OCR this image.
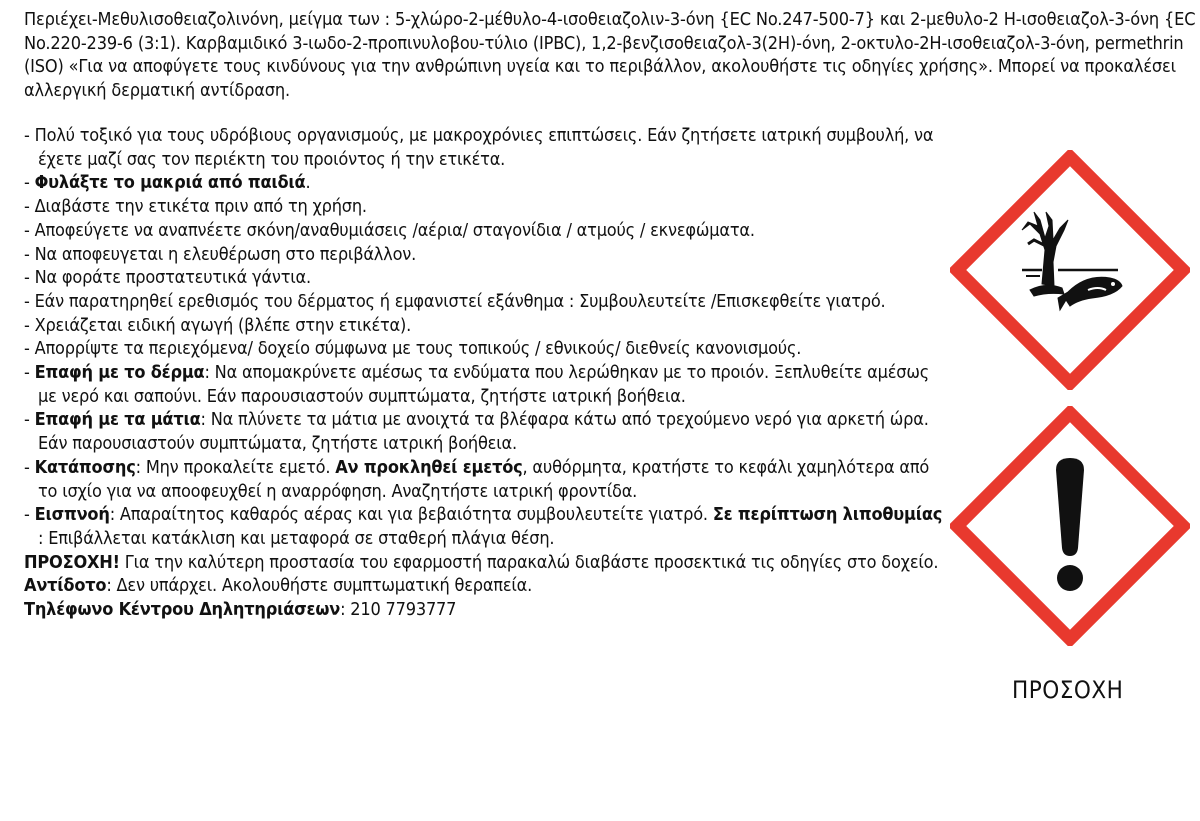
Περιέχει-Μεθυλισοθειαζολινόνη, μείγμα των : 5-χλώρο-2-μέθυλο-4-ισοθειαζολιν-3-όνη {EC No.247-500-7} και 2-μεθυλο-2 Η-ισοθειαζολ-3-όνη {EC No.220-239-6 (3:1). Καρβαμιδικό 3-ιωδο-2-προπινυλοβου-τύλιο (IPBC), 1,2-βενζισοθειαζολ-3(2H)-όνη, 2-οκτυλο-2Η-ισοθειαζολ-3-όνη, permethrin (ISO) «Για να αποφύγετε τους κινδύνους για την ανθρώπινη υγεία και το περιβάλλον, ακολουθήστε τις οδηγίες χρήσης». Μπορεί να προκαλέσει αλλεργική δερματική αντίδραση.
- Πολύ τοξικό για τους υδρόβιους οργανισμούς, με μακροχρόνιες επιπτώσεις. Εάν ζητήσετε ιατρική συμβουλή, να έχετε μαζί σας τον περιέκτη του προιόντος ή την ετικέτα.
- Φυλάξτε το μακριά από παιδιά.
- Διαβάστε την ετικέτα πριν από τη χρήση.
- Αποφεύγετε να αναπνέετε σκόνη/αναθυμιάσεις /αέρια/ σταγονίδια / ατμούς / εκνεφώματα.
- Να αποφευγεται η ελευθέρωση στο περιβάλλον.
- Να φοράτε προστατευτικά γάντια.
- Εάν παρατηρηθεί ερεθισμός του δέρματος ή εμφανιστεί εξάνθημα : Συμβουλευτείτε /Επισκεφθείτε γιατρό.
- Χρειάζεται ειδική αγωγή (βλέπε στην ετικέτα).
- Απορρίψτε τα περιεχόμενα/ δοχείο σύμφωνα με τους τοπικούς / εθνικούς/ διεθνείς κανονισμούς.
- Επαφή με το δέρμα: Να απομακρύνετε αμέσως τα ενδύματα που λερώθηκαν με το προιόν. Ξεπλυθείτε αμέσως με νερό και σαπούνι. Εάν παρουσιαστούν συμπτώματα, ζητήστε ιατρική βοήθεια.
- Επαφή με τα μάτια: Να πλύνετε τα μάτια με ανοιχτά τα βλέφαρα κάτω από τρεχούμενο νερό για αρκετή ώρα. Εάν παρουσιαστούν συμπτώματα, ζητήστε ιατρική βοήθεια.
- Κατάποσης: Μην προκαλείτε εμετό. Αν προκληθεί εμετός, αυθόρμητα, κρατήστε το κεφάλι χαμηλότερα από το ισχίο για να αποοφευχθεί η αναρρόφηση. Αναζητήστε ιατρική φροντίδα.
- Εισπνοή: Απαραίτητος καθαρός αέρας και για βεβαιότητα συμβουλευτείτε γιατρό. Σε περίπτωση λιποθυμίας : Επιβάλλεται κατάκλιση και μεταφορά σε σταθερή πλάγια θέση.
ΠΡΟΣΟΧΗ! Για την καλύτερη προστασία του εφαρμοστή παρακαλώ διαβάστε προσεκτικά τις οδηγίες στο δοχείο. Αντίδοτο: Δεν υπάρχει. Ακολουθήστε συμπτωματική θεραπεία.
Τηλέφωνο Κέντρου Δηλητηριάσεων: 210 7793777
ΠΡΟΣΟΧΗ
